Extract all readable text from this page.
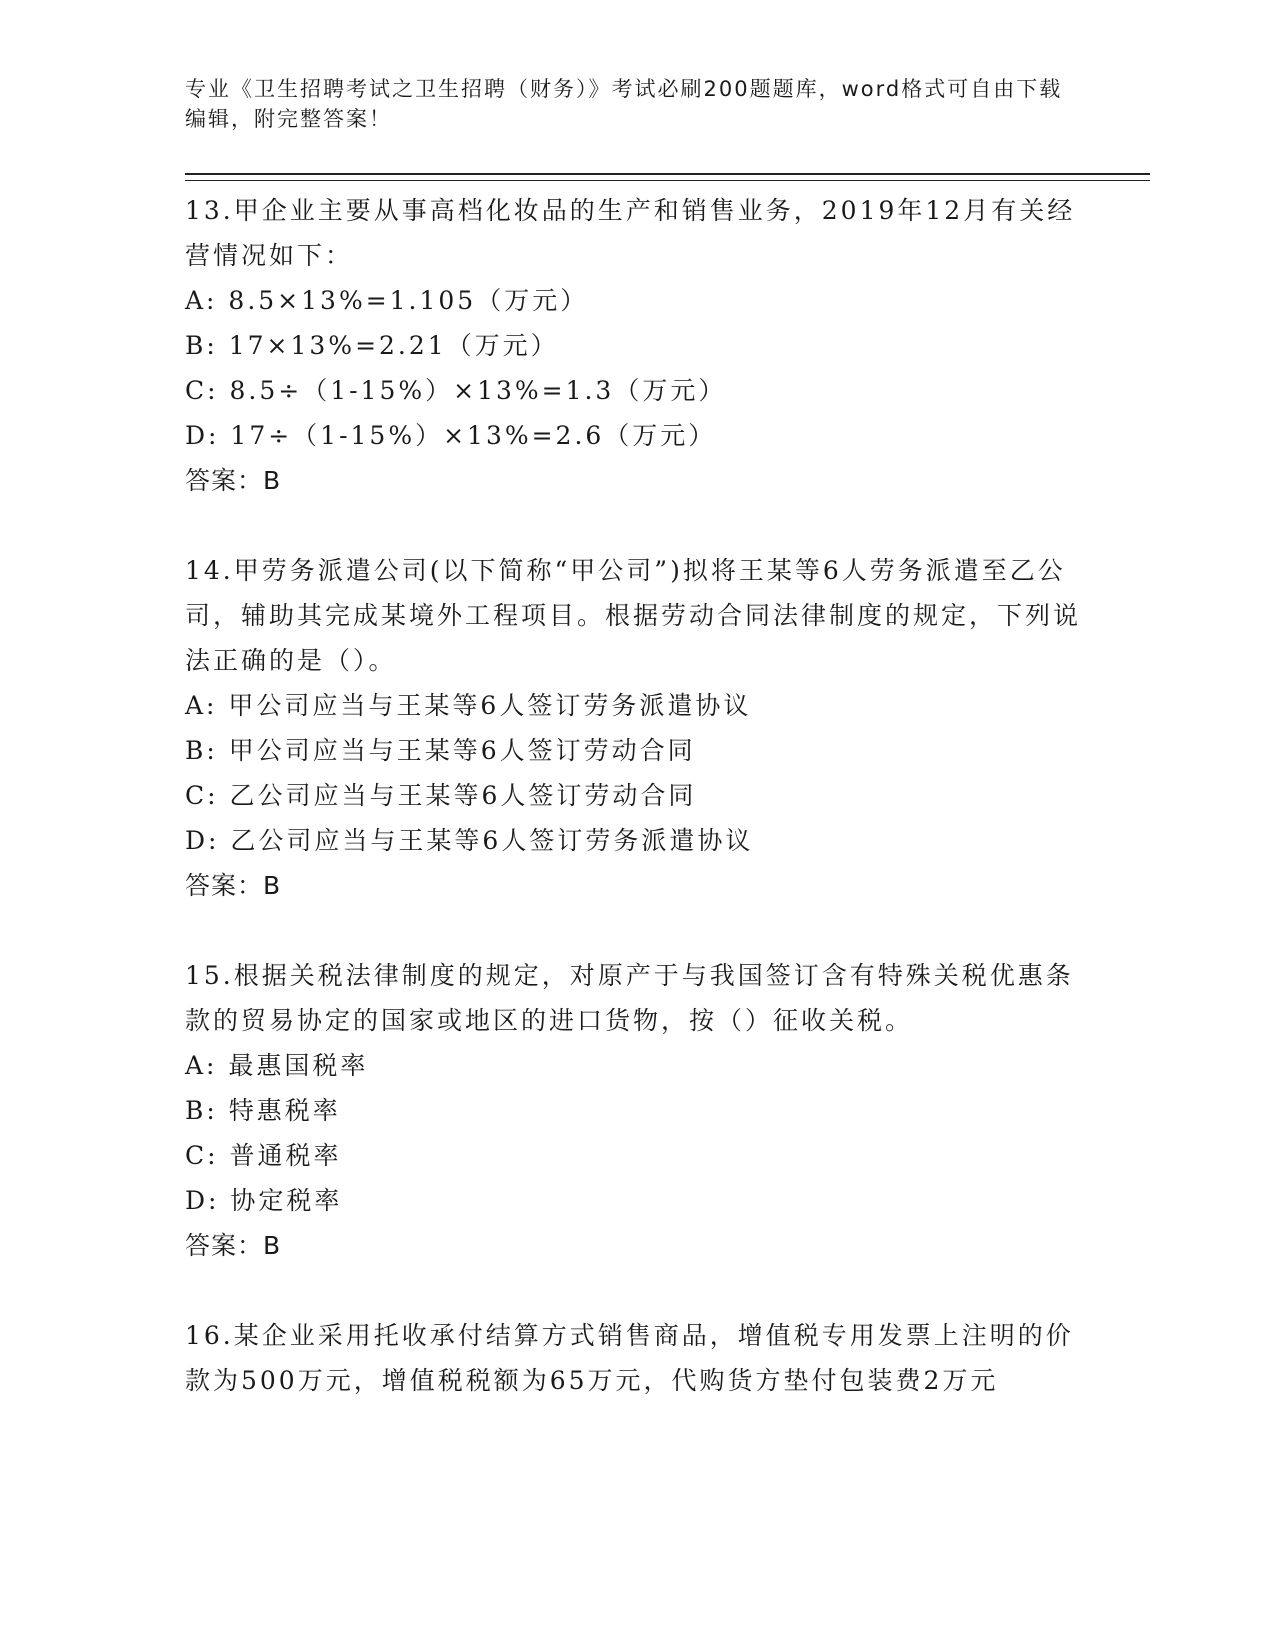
专业《卫生招聘考试之卫生招聘（财务）》考试必刷200题题库，word格式可自由下载编辑，附完整答案！

13.甲企业主要从事高档化妆品的生产和销售业务，2019年12月有关经营情况如下：

A: 8.5×13%=1.105（万元）

B: 17×13%=2.21（万元）

C: 8.5÷（1-15%）×13%=1.3（万元）

D: 17÷（1-15%）×13%=2.6（万元）

答案：B

14.甲劳务派遣公司(以下简称“甲公司”)拟将王某等6人劳务派遣至乙公司，辅助其完成某境外工程项目。根据劳动合同法律制度的规定，下列说法正确的是（）。

A: 甲公司应当与王某等6人签订劳务派遣协议

B: 甲公司应当与王某等6人签订劳动合同

C: 乙公司应当与王某等6人签订劳动合同

D: 乙公司应当与王某等6人签订劳务派遣协议

答案：B

15.根据关税法律制度的规定，对原产于与我国签订含有特殊关税优惠条款的贸易协定的国家或地区的进口货物，按（）征收关税。

A: 最惠国税率

B: 特惠税率

C: 普通税率

D: 协定税率

答案：B

16.某企业采用托收承付结算方式销售商品，增值税专用发票上注明的价款为500万元，增值税税额为65万元，代购货方垫付包装费2万元
